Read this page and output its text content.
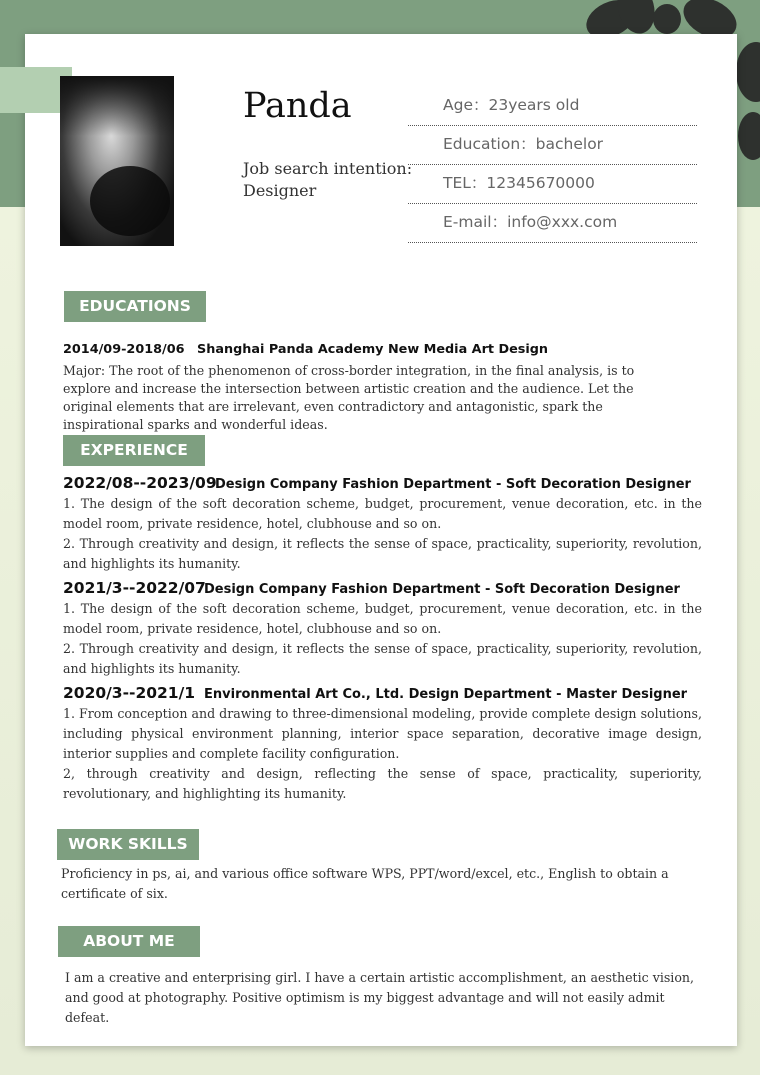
Panda
Job search intention: Designer
Age：23years old
Education：bachelor
TEL：12345670000
E-mail：info@xxx.com
EDUCATIONS
2014/09-2018/06 Shanghai Panda Academy New Media Art Design
Major: The root of the phenomenon of cross-border integration, in the final analysis, is to explore and increase the intersection between artistic creation and the audience. Let the original elements that are irrelevant, even contradictory and antagonistic, spark the inspirational sparks and wonderful ideas.
EXPERIENCE
2022/08--2023/09Design Company Fashion Department - Soft Decoration Designer
1. The design of the soft decoration scheme, budget, procurement, venue decoration, etc. in the model room, private residence, hotel, clubhouse and so on.
2. Through creativity and design, it reflects the sense of space, practicality, superiority, revolution, and highlights its humanity.
2021/3--2022/07Design Company Fashion Department - Soft Decoration Designer
1. The design of the soft decoration scheme, budget, procurement, venue decoration, etc. in the model room, private residence, hotel, clubhouse and so on.
2. Through creativity and design, it reflects the sense of space, practicality, superiority, revolution, and highlights its humanity.
2020/3--2021/1 Environmental Art Co., Ltd. Design Department - Master Designer
1. From conception and drawing to three-dimensional modeling, provide complete design solutions, including physical environment planning, interior space separation, decorative image design, interior supplies and complete facility configuration.
2, through creativity and design, reflecting the sense of space, practicality, superiority, revolutionary, and highlighting its humanity.
WORK SKILLS
Proficiency in ps, ai, and various office software WPS, PPT/word/excel, etc., English to obtain a certificate of six.
ABOUT ME
I am a creative and enterprising girl. I have a certain artistic accomplishment, an aesthetic vision, and good at photography. Positive optimism is my biggest advantage and will not easily admit defeat.
